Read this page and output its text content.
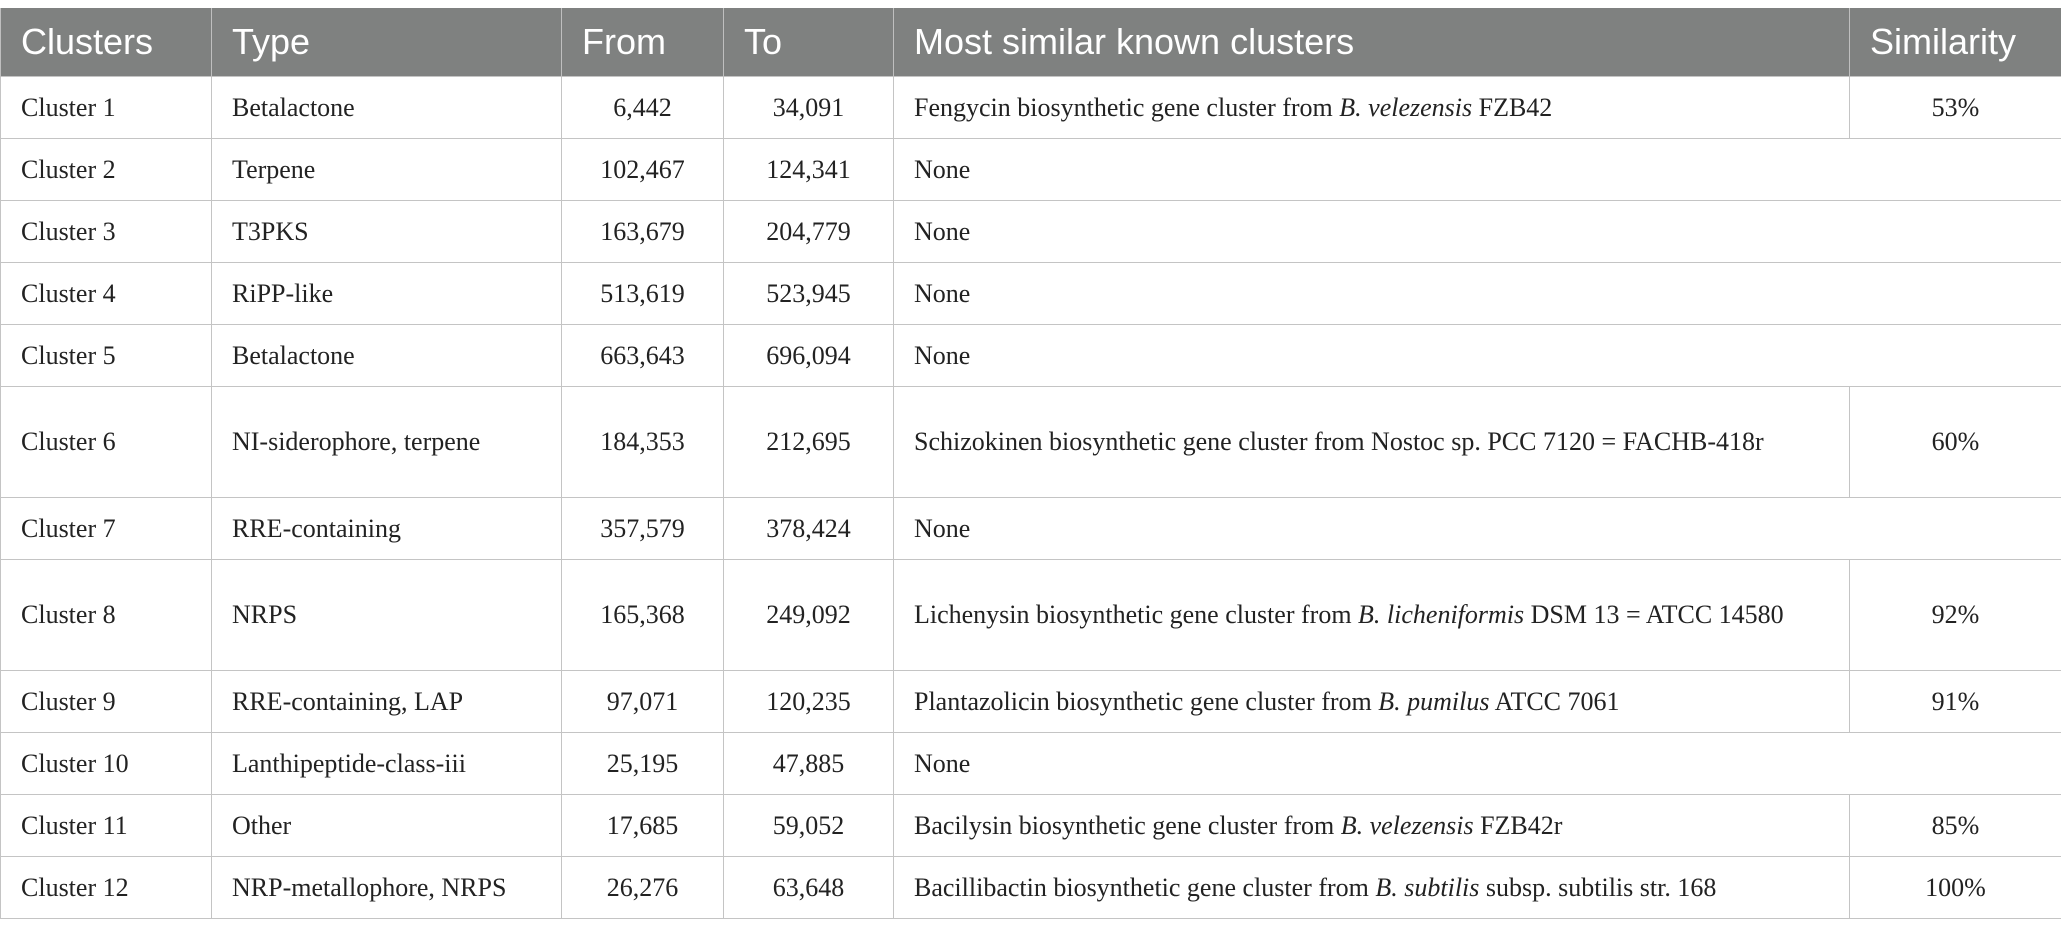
Clusters	Type	From	To	Most similar known clusters	Similarity
Cluster 1	Betalactone	6,442	34,091	Fengycin biosynthetic gene cluster from B. velezensis FZB42	53%
Cluster 2	Terpene	102,467	124,341	None	
Cluster 3	T3PKS	163,679	204,779	None	
Cluster 4	RiPP-like	513,619	523,945	None	
Cluster 5	Betalactone	663,643	696,094	None	
Cluster 6	NI-siderophore, terpene	184,353	212,695	Schizokinen biosynthetic gene cluster from Nostoc sp. PCC 7120 = FACHB-418r	60%
Cluster 7	RRE-containing	357,579	378,424	None	
Cluster 8	NRPS	165,368	249,092	Lichenysin biosynthetic gene cluster from B. licheniformis DSM 13 = ATCC 14580	92%
Cluster 9	RRE-containing, LAP	97,071	120,235	Plantazolicin biosynthetic gene cluster from B. pumilus ATCC 7061	91%
Cluster 10	Lanthipeptide-class-iii	25,195	47,885	None	
Cluster 11	Other	17,685	59,052	Bacilysin biosynthetic gene cluster from B. velezensis FZB42r	85%
Cluster 12	NRP-metallophore, NRPS	26,276	63,648	Bacillibactin biosynthetic gene cluster from B. subtilis subsp. subtilis str. 168	100%
